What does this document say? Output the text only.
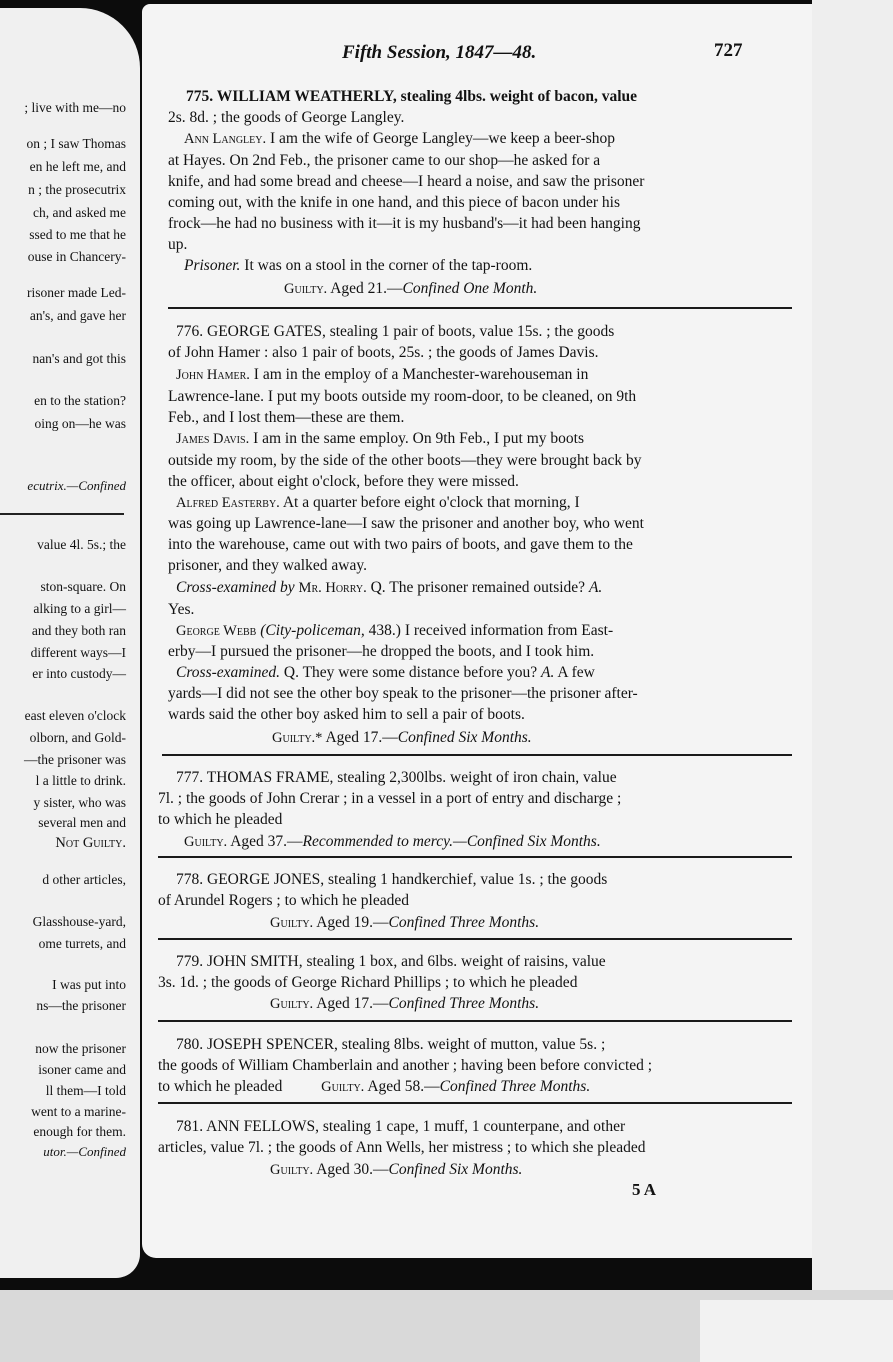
; live with me—no
on ; I saw Thomas
en he left me, and
n ; the prosecutrix
ch, and asked me
ssed to me that he
ouse in Chancery-
risoner made Led-
an's, and gave her
nan's and got this
en to the station?
oing on—he was
ecutrix.—Confined
value 4l. 5s.; the
ston-square. On
alking to a girl—
and they both ran
different ways—I
er into custody—
east eleven o'clock
olborn, and Gold-
—the prisoner was
l a little to drink.
y sister, who was
several men and
Not Guilty.
d other articles,
Glasshouse-yard,
ome turrets, and
I was put into
ns—the prisoner
now the prisoner
isoner came and
ll them—I told
went to a marine-
enough for them.
utor.—Confined
Fifth Session, 1847—48.	727
775. WILLIAM WEATHERLY, stealing 4lbs. weight of bacon, value
2s. 8d. ; the goods of George Langley.
Ann Langley. I am the wife of George Langley—we keep a beer-shop
at Hayes. On 2nd Feb., the prisoner came to our shop—he asked for a
knife, and had some bread and cheese—I heard a noise, and saw the prisoner
coming out, with the knife in one hand, and this piece of bacon under his
frock—he had no business with it—it is my husband's—it had been hanging
up.
Prisoner. It was on a stool in the corner of the tap-room.
Guilty. Aged 21.—Confined One Month.
776. GEORGE GATES, stealing 1 pair of boots, value 15s. ; the goods
of John Hamer : also 1 pair of boots, 25s. ; the goods of James Davis.
John Hamer. I am in the employ of a Manchester-warehouseman in
Lawrence-lane. I put my boots outside my room-door, to be cleaned, on 9th
Feb., and I lost them—these are them.
James Davis. I am in the same employ. On 9th Feb., I put my boots
outside my room, by the side of the other boots—they were brought back by
the officer, about eight o'clock, before they were missed.
Alfred Easterby. At a quarter before eight o'clock that morning, I
was going up Lawrence-lane—I saw the prisoner and another boy, who went
into the warehouse, came out with two pairs of boots, and gave them to the
prisoner, and they walked away.
Cross-examined by Mr. Horry. Q. The prisoner remained outside? A.
Yes.
George Webb (City-policeman, 438.) I received information from East-
erby—I pursued the prisoner—he dropped the boots, and I took him.
Cross-examined. Q. They were some distance before you? A. A few
yards—I did not see the other boy speak to the prisoner—the prisoner after-
wards said the other boy asked him to sell a pair of boots.
Guilty.* Aged 17.—Confined Six Months.
777. THOMAS FRAME, stealing 2,300lbs. weight of iron chain, value
7l. ; the goods of John Crerar ; in a vessel in a port of entry and discharge ;
to which he pleaded
Guilty. Aged 37.—Recommended to mercy.—Confined Six Months.
778. GEORGE JONES, stealing 1 handkerchief, value 1s. ; the goods
of Arundel Rogers ; to which he pleaded
Guilty. Aged 19.—Confined Three Months.
779. JOHN SMITH, stealing 1 box, and 6lbs. weight of raisins, value
3s. 1d. ; the goods of George Richard Phillips ; to which he pleaded
Guilty. Aged 17.—Confined Three Months.
780. JOSEPH SPENCER, stealing 8lbs. weight of mutton, value 5s. ;
the goods of William Chamberlain and another ; having been before convicted ;
to which he pleaded	Guilty. Aged 58.—Confined Three Months.
781. ANN FELLOWS, stealing 1 cape, 1 muff, 1 counterpane, and other
articles, value 7l. ; the goods of Ann Wells, her mistress ; to which she pleaded
Guilty. Aged 30.—Confined Six Months.
5 A
